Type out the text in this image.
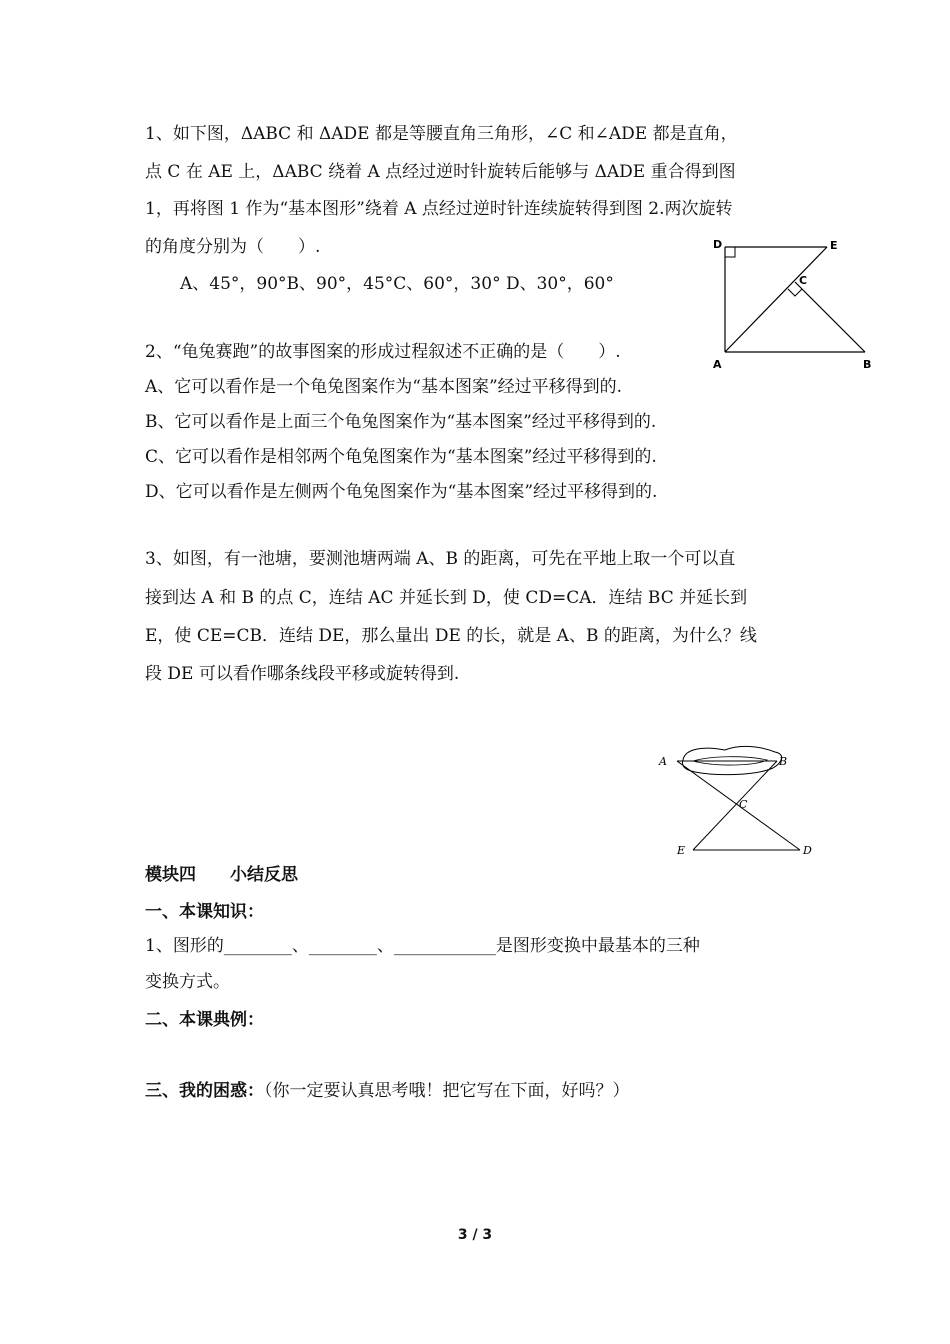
1、如下图，ΔABC 和 ΔADE 都是等腰直角三角形，∠C 和∠ADE 都是直角，
点 C 在 AE 上，ΔABC 绕着 A 点经过逆时针旋转后能够与 ΔADE 重合得到图
1，再将图 1 作为“基本图形”绕着 A 点经过逆时针连续旋转得到图 2.两次旋转
的角度分别为（　　）.
A、45°，90°B、90°，45°C、60°，30° D、30°，60°
D	E
C
A	B
2、“龟兔赛跑”的故事图案的形成过程叙述不正确的是（　　）.
A、它可以看作是一个龟兔图案作为“基本图案”经过平移得到的.
B、它可以看作是上面三个龟兔图案作为“基本图案”经过平移得到的.
C、它可以看作是相邻两个龟兔图案作为“基本图案”经过平移得到的.
D、它可以看作是左侧两个龟兔图案作为“基本图案”经过平移得到的.
3、如图，有一池塘，要测池塘两端 A、B 的距离，可先在平地上取一个可以直
接到达 A 和 B 的点 C，连结 AC 并延长到 D，使 CD=CA．连结 BC 并延长到
E，使 CE=CB．连结 DE，那么量出 DE 的长，就是 A、B 的距离，为什么？线
段 DE 可以看作哪条线段平移或旋转得到.
A	B
C
E	D
模块四　　小结反思
一、本课知识：
1、图形的________、________、____________是图形变换中最基本的三种
变换方式。
二、本课典例：
三、我的困惑：（你一定要认真思考哦！把它写在下面，好吗？）
3 / 3
